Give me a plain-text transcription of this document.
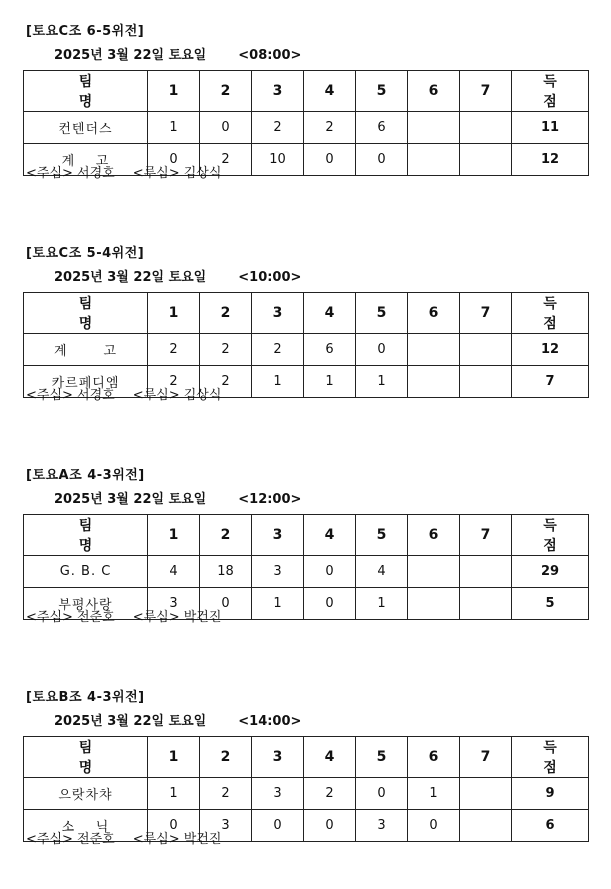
[토요C조 6-5위전]
2025년 3월 22일 토요일 <08:00>
팀 명	1	2	3	4	5	6	7	득 점
컨텐더스	1	0	2	2	6			11
계    고	0	2	10	0	0			12
<주심> 서경호 <루심> 김상식
[토요C조 5-4위전]
2025년 3월 22일 토요일 <10:00>
팀 명	1	2	3	4	5	6	7	득 점
계       고	2	2	2	6	0			12
카르페디엠	2	2	1	1	1			7
<주심> 서경호 <루심> 김상식
[토요A조 4-3위전]
2025년 3월 22일 토요일 <12:00>
팀 명	1	2	3	4	5	6	7	득 점
G. B. C	4	18	3	0	4			29
부평사랑	3	0	1	0	1			5
<주심> 전준호 <루심> 박건진
[토요B조 4-3위전]
2025년 3월 22일 토요일 <14:00>
팀 명	1	2	3	4	5	6	7	득 점
으랏차챠	1	2	3	2	0	1		9
소    닉	0	3	0	0	3	0		6
<주심> 전준호 <루심> 박건진
